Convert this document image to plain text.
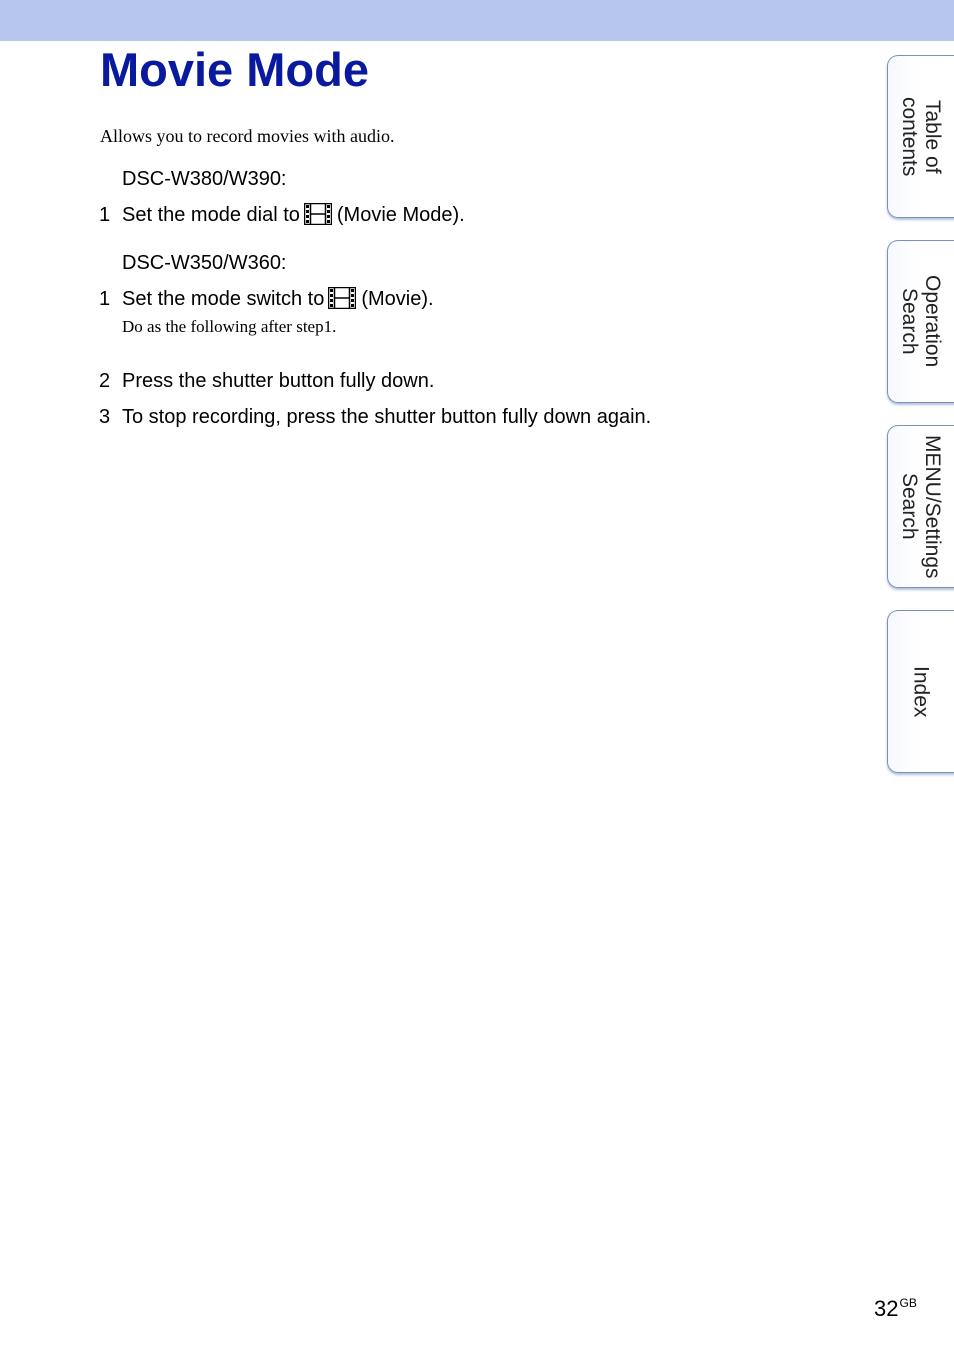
Movie Mode
Allows you to record movies with audio.
DSC-W380/W390:
1 Set the mode dial to (Movie Mode).
DSC-W350/W360:
1 Set the mode switch to (Movie).
Do as the following after step1.
2 Press the shutter button fully down.
3 To stop recording, press the shutter button fully down again.
Table of
contents
Operation
Search
MENU/Settings
Search
Index
$32^{GB}$
